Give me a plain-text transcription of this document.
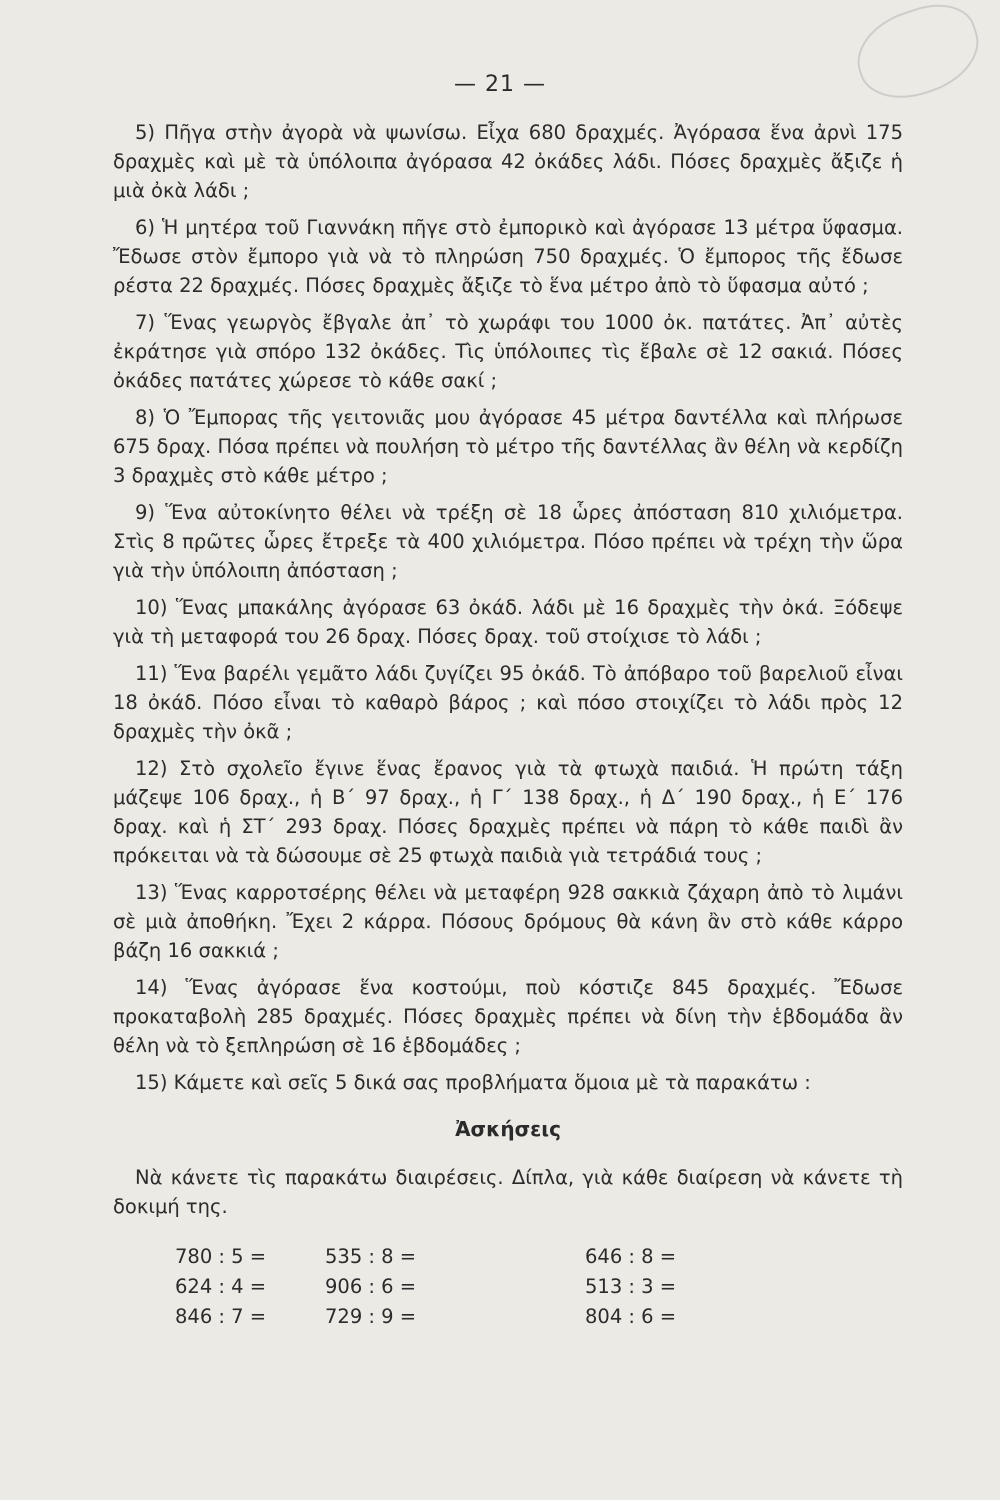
— 21 —

5) Πῆγα στὴν ἀγορὰ νὰ ψωνίσω. Εἶχα 680 δραχμές. Ἀγόρασα ἕνα ἀρνὶ 175 δραχμὲς καὶ μὲ τὰ ὑπόλοιπα ἀγόρασα 42 ὀκάδες λάδι. Πόσες δραχμὲς ἄξιζε ἡ μιὰ ὀκὰ λάδι ;

6) Ἡ μητέρα τοῦ Γιαννάκη πῆγε στὸ ἐμπορικὸ καὶ ἀγόρασε 13 μέτρα ὕφασμα. Ἔδωσε στὸν ἔμπορο γιὰ νὰ τὸ πληρώση 750 δραχμές. Ὁ ἔμπορος τῆς ἔδωσε ρέστα 22 δραχμές. Πόσες δραχμὲς ἄξιζε τὸ ἕνα μέτρο ἀπὸ τὸ ὕφασμα αὐτό ;

7) Ἕνας γεωργὸς ἔβγαλε ἀπ᾽ τὸ χωράφι του 1000 ὀκ. πατάτες. Ἀπ᾽ αὐτὲς ἐκράτησε γιὰ σπόρο 132 ὀκάδες. Τὶς ὑπόλοιπες τὶς ἔβαλε σὲ 12 σακιά. Πόσες ὀκάδες πατάτες χώρεσε τὸ κάθε σακί ;

8) Ὁ Ἔμπορας τῆς γειτονιᾶς μου ἀγόρασε 45 μέτρα δαντέλλα καὶ πλήρωσε 675 δραχ. Πόσα πρέπει νὰ πουλήση τὸ μέτρο τῆς δαντέλλας ἂν θέλη νὰ κερδίζη 3 δραχμὲς στὸ κάθε μέτρο ;

9) Ἕνα αὐτοκίνητο θέλει νὰ τρέξη σὲ 18 ὧρες ἀπόσταση 810 χιλιόμετρα. Στὶς 8 πρῶτες ὧρες ἔτρεξε τὰ 400 χιλιόμετρα. Πόσο πρέπει νὰ τρέχη τὴν ὥρα γιὰ τὴν ὑπόλοιπη ἀπόσταση ;

10) Ἕνας μπακάλης ἀγόρασε 63 ὀκάδ. λάδι μὲ 16 δραχμὲς τὴν ὀκά. Ξόδεψε γιὰ τὴ μεταφορά του 26 δραχ. Πόσες δραχ. τοῦ στοίχισε τὸ λάδι ;

11) Ἕνα βαρέλι γεμᾶτο λάδι ζυγίζει 95 ὀκάδ. Τὸ ἀπόβαρο τοῦ βαρελιοῦ εἶναι 18 ὀκάδ. Πόσο εἶναι τὸ καθαρὸ βάρος ; καὶ πόσο στοιχίζει τὸ λάδι πρὸς 12 δραχμὲς τὴν ὀκᾶ ;

12) Στὸ σχολεῖο ἔγινε ἕνας ἔρανος γιὰ τὰ φτωχὰ παιδιά. Ἡ πρώτη τάξη μάζεψε 106 δραχ., ἡ Β΄ 97 δραχ., ἡ Γ΄ 138 δραχ., ἡ Δ΄ 190 δραχ., ἡ Ε΄ 176 δραχ. καὶ ἡ ΣΤ΄ 293 δραχ. Πόσες δραχμὲς πρέπει νὰ πάρη τὸ κάθε παιδὶ ἂν πρόκειται νὰ τὰ δώσουμε σὲ 25 φτωχὰ παιδιὰ γιὰ τετράδιά τους ;

13) Ἕνας καρροτσέρης θέλει νὰ μεταφέρη 928 σακκιὰ ζάχαρη ἀπὸ τὸ λιμάνι σὲ μιὰ ἀποθήκη. Ἔχει 2 κάρρα. Πόσους δρόμους θὰ κάνη ἂν στὸ κάθε κάρρο βάζη 16 σακκιά ;

14) Ἕνας ἀγόρασε ἕνα κοστούμι, ποὺ κόστιζε 845 δραχμές. Ἔδωσε προκαταβολὴ 285 δραχμές. Πόσες δραχμὲς πρέπει νὰ δίνη τὴν ἑβδομάδα ἂν θέλη νὰ τὸ ξεπληρώση σὲ 16 ἑβδομάδες ;

15) Κάμετε καὶ σεῖς 5 δικά σας προβλήματα ὅμοια μὲ τὰ παρακάτω :

Ἀσκήσεις

Νὰ κάνετε τὶς παρακάτω διαιρέσεις. Δίπλα, γιὰ κάθε διαίρεση νὰ κάνετε τὴ δοκιμή της.

780 : 5 =	535 : 8 =	646 : 8 =
624 : 4 =	906 : 6 =	513 : 3 =
846 : 7 =	729 : 9 =	804 : 6 =
